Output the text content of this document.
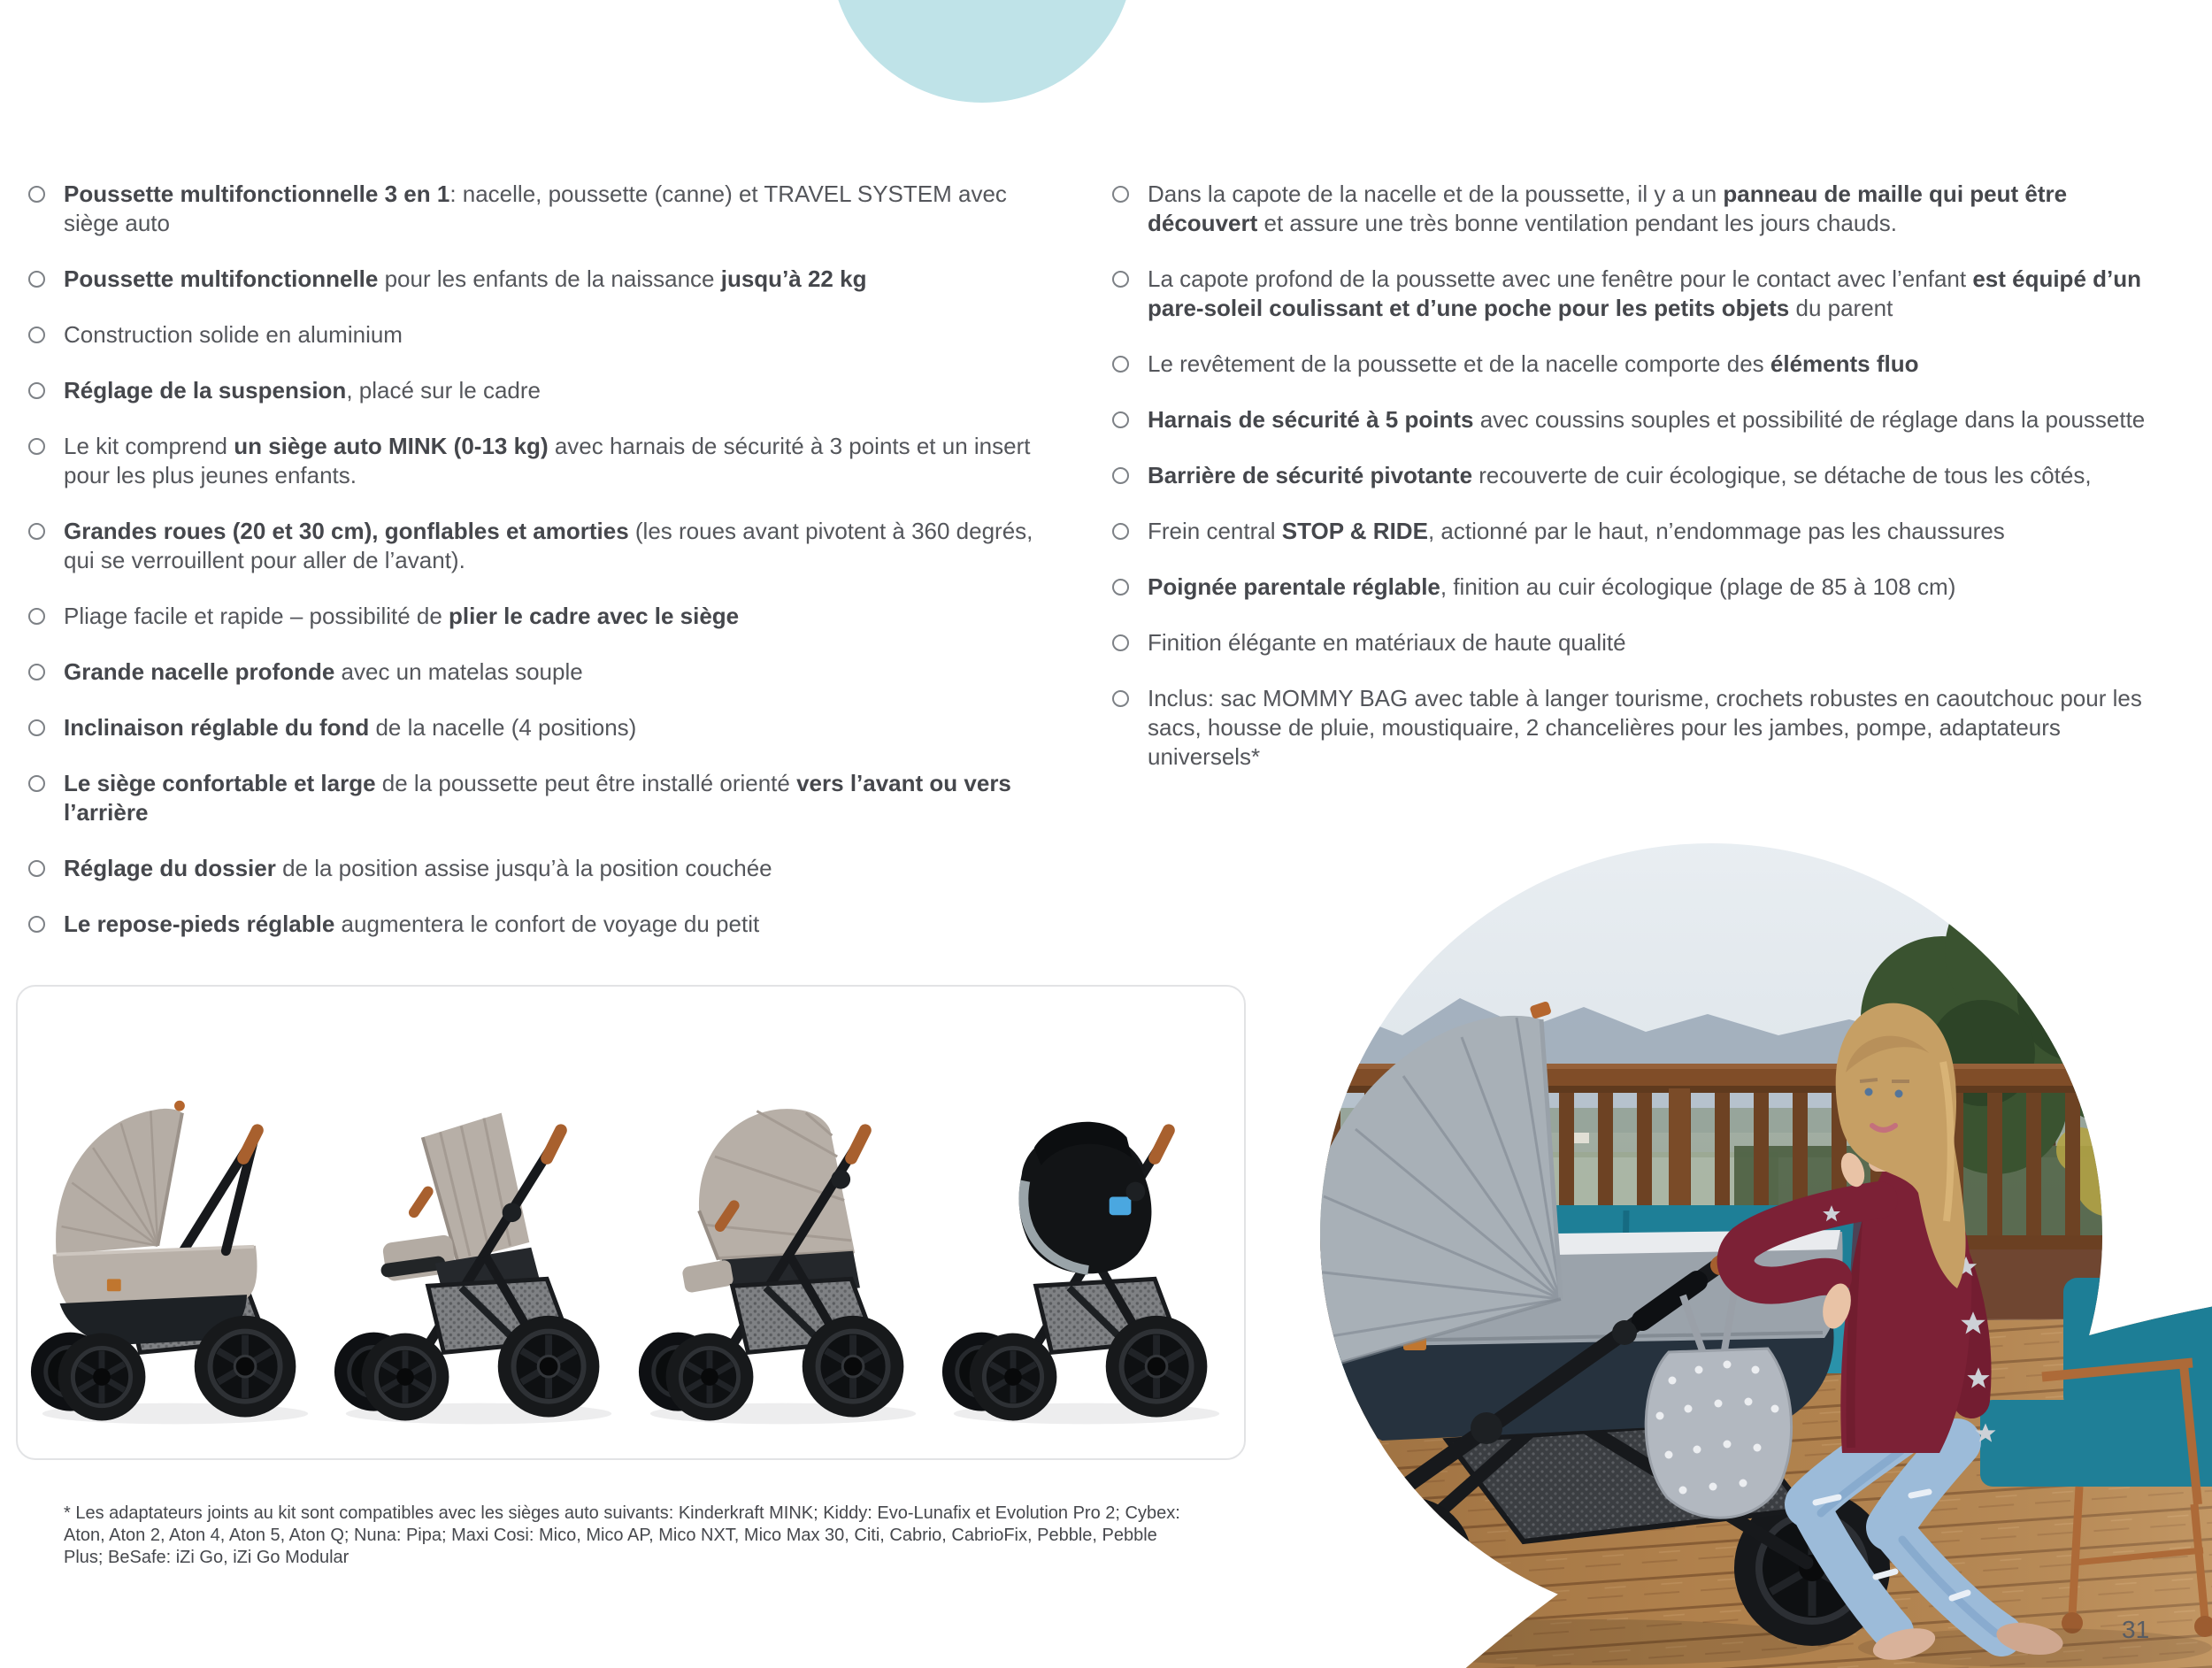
Poussette multifonctionnelle 3 en 1: nacelle, poussette (canne) et TRAVEL SYSTEM avec siège auto
Poussette multifonctionnelle pour les enfants de la naissance jusqu’à 22 kg
Construction solide en aluminium
Réglage de la suspension, placé sur le cadre
Le kit comprend un siège auto MINK (0-13 kg) avec harnais de sécurité à 3 points et un insert pour les plus jeunes enfants.
Grandes roues (20 et 30 cm), gonflables et amorties (les roues avant pivotent à 360 degrés, qui se verrouillent pour aller de l’avant).
Pliage facile et rapide – possibilité de plier le cadre avec le siège
Grande nacelle profonde avec un matelas souple
Inclinaison réglable du fond de la nacelle (4 positions)
Le siège confortable et large de la poussette peut être installé orienté vers l’avant ou vers l’arrière
Réglage du dossier de la position assise jusqu’à la position couchée
Le repose-pieds réglable augmentera le confort de voyage du petit
Dans la capote de la nacelle et de la poussette, il y a un panneau de maille qui peut être découvert et assure une très bonne ventilation pendant les jours chauds.
La capote profond de la poussette avec une fenêtre pour le contact avec l’enfant est équipé d’un pare-soleil coulissant et d’une poche pour les petits objets du parent
Le revêtement de la poussette et de la nacelle comporte des éléments fluo
Harnais de sécurité à 5 points avec coussins souples et possibilité de réglage dans la poussette
Barrière de sécurité pivotante recouverte de cuir écologique, se détache de tous les côtés,
Frein central STOP & RIDE, actionné par le haut, n’endommage pas les chaussures
Poignée parentale réglable, finition au cuir écologique (plage de 85 à 108 cm)
Finition élégante en matériaux de haute qualité
Inclus: sac MOMMY BAG avec table à langer tourisme, crochets robustes en caoutchouc pour les sacs, housse de pluie, moustiquaire, 2 chancelières pour les jambes, pompe, adaptateurs universels*
* Les adaptateurs joints au kit sont compatibles avec les sièges auto suivants: Kinderkraft MINK; Kiddy: Evo-Lunafix et Evolution Pro 2; Cybex: Aton, Aton 2, Aton 4, Aton 5, Aton Q; Nuna: Pipa; Maxi Cosi: Mico, Mico AP, Mico NXT, Mico Max 30, Citi, Cabrio, CabrioFix, Pebble, Pebble Plus; BeSafe: iZi Go, iZi Go Modular
31
